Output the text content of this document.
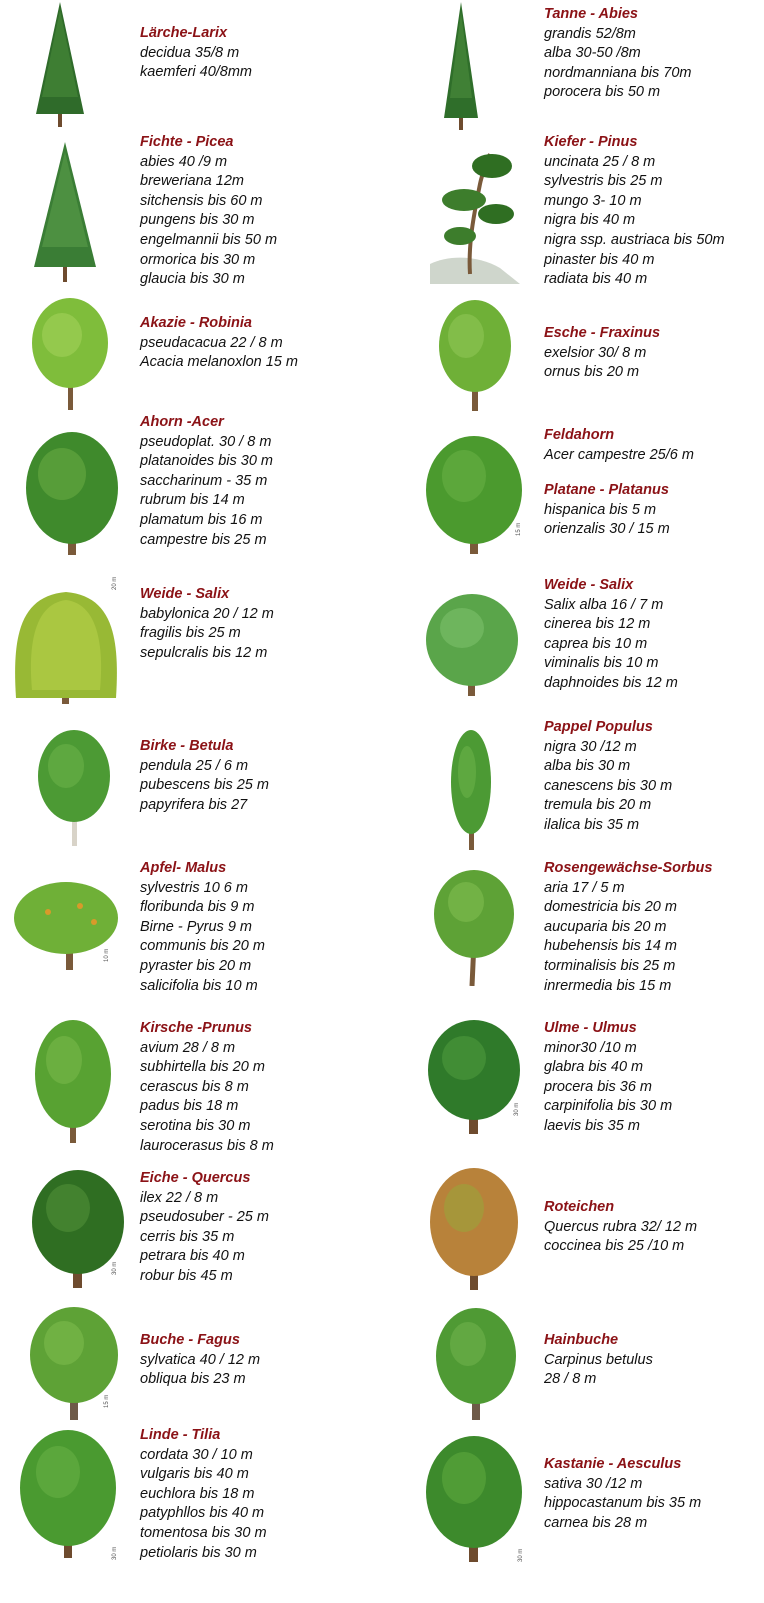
20 m
15 m
10 m
30 m
30 m
15 m
30 m	30 m
Lärche-Larix
decidua 35/8 m
kaemferi 40/8mm
Tanne - Abies
grandis 52/8m
alba 30-50 /8m
nordmanniana bis 70m
porocera bis 50 m
Fichte - Picea
abies 40 /9 m
breweriana 12m
sitchensis bis 60 m
pungens bis 30 m
engelmannii bis 50 m
ormorica bis 30 m
glaucia bis 30 m
Kiefer - Pinus
uncinata 25 / 8 m
sylvestris bis 25 m
mungo 3- 10 m
nigra bis 40 m
nigra ssp. austriaca bis 50m
pinaster bis 40 m
radiata bis 40 m
Akazie - Robinia
pseudacacua 22 / 8 m
Acacia melanoxlon 15 m
Esche - Fraxinus
exelsior 30/ 8 m
ornus bis 20 m
Ahorn -Acer
pseudoplat. 30 / 8 m
platanoides bis 30 m
saccharinum - 35 m
rubrum bis 14 m
plamatum bis 16 m
campestre bis 25 m
Feldahorn
Acer campestre 25/6 m
Platane - Platanus
hispanica bis 5 m
orienzalis 30 / 15 m
Weide - Salix
babylonica 20 / 12 m
fragilis bis 25 m
sepulcralis bis 12 m
Weide - Salix
Salix alba 16 / 7 m
cinerea bis 12 m
caprea bis 10 m
viminalis bis 10 m
daphnoides bis 12 m
Birke - Betula
pendula 25 / 6 m
pubescens bis 25 m
papyrifera bis 27
Pappel Populus
nigra 30 /12 m
alba bis 30 m
canescens bis 30 m
tremula bis 20 m
ilalica bis 35 m
Apfel- Malus
sylvestris 10 6 m
floribunda bis 9 m
Birne - Pyrus 9 m
communis bis 20 m
pyraster bis 20 m
salicifolia bis 10 m
Rosengewächse-Sorbus
aria 17 / 5 m
domestricia bis 20 m
aucuparia bis 20 m
hubehensis bis 14 m
torminalisis bis 25 m
inrermedia bis 15 m
Kirsche -Prunus
avium 28 / 8 m
subhirtella bis 20 m
cerascus bis 8 m
padus bis 18 m
serotina bis 30 m
laurocerasus bis 8 m
Ulme - Ulmus
minor30 /10 m
glabra bis 40 m
procera bis 36 m
carpinifolia bis 30 m
laevis bis 35 m
Eiche - Quercus
ilex 22 / 8 m
pseudosuber - 25 m
cerris bis 35 m
petrara bis 40 m
robur bis 45 m
Roteichen
Quercus rubra 32/ 12 m
coccinea bis 25 /10 m
Buche - Fagus
sylvatica 40 / 12 m
obliqua bis 23 m
Hainbuche
Carpinus betulus
28 / 8 m
Linde - Tilia
cordata 30 / 10 m
vulgaris bis 40 m
euchlora bis 18 m
patyphllos bis 40 m
tomentosa bis 30 m
petiolaris bis 30 m
Kastanie - Aesculus
sativa 30 /12 m
hippocastanum bis 35 m
carnea bis 28 m
